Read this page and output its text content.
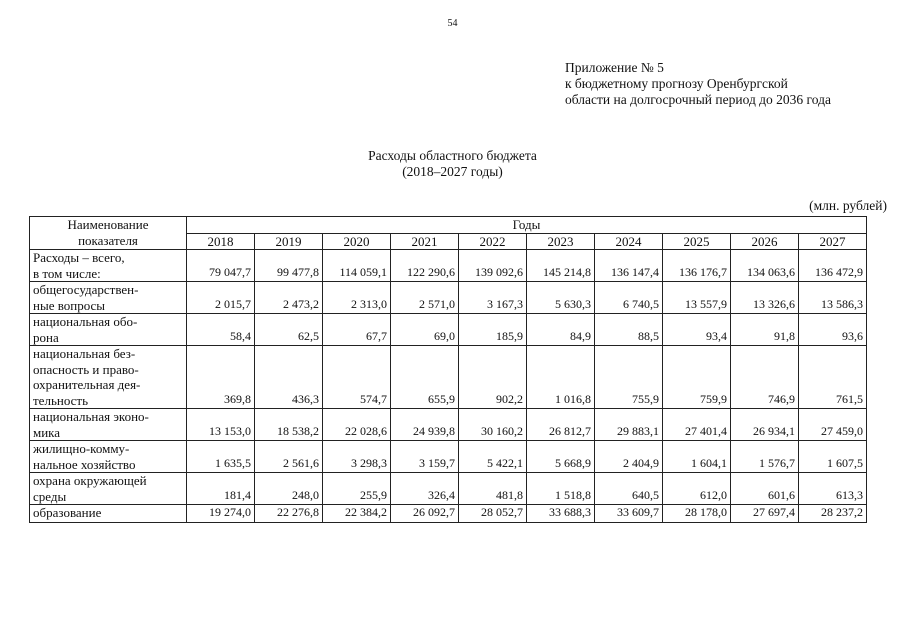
54
Приложение № 5
к бюджетному прогнозу Оренбургской
области на долгосрочный период до 2036 года
Расходы областного бюджета
(2018–2027 годы)
(млн. рублей)
Наименование
показателя	Годы									
	2018	2019	2020	2021	2022	2023	2024	2025	2026	2027

Расходы – всего,
в том числе:	79 047,7	99 477,8	114 059,1	122 290,6	139 092,6	145 214,8	136 147,4	136 176,7	134 063,6	136 472,9

общегосударствен-
ные вопросы	2 015,7	2 473,2	2 313,0	2 571,0	3 167,3	5 630,3	6 740,5	13 557,9	13 326,6	13 586,3

национальная обо-
рона	58,4	62,5	67,7	69,0	185,9	84,9	88,5	93,4	91,8	93,6

национальная без-
опасность и право-
охранительная дея-
тельность	369,8	436,3	574,7	655,9	902,2	1 016,8	755,9	759,9	746,9	761,5

национальная эконо-
мика	13 153,0	18 538,2	22 028,6	24 939,8	30 160,2	26 812,7	29 883,1	27 401,4	26 934,1	27 459,0

жилищно-комму-
нальное хозяйство	1 635,5	2 561,6	3 298,3	3 159,7	5 422,1	5 668,9	2 404,9	1 604,1	1 576,7	1 607,5

охрана окружающей
среды	181,4	248,0	255,9	326,4	481,8	1 518,8	640,5	612,0	601,6	613,3

образование	19 274,0	22 276,8	22 384,2	26 092,7	28 052,7	33 688,3	33 609,7	28 178,0	27 697,4	28 237,2
